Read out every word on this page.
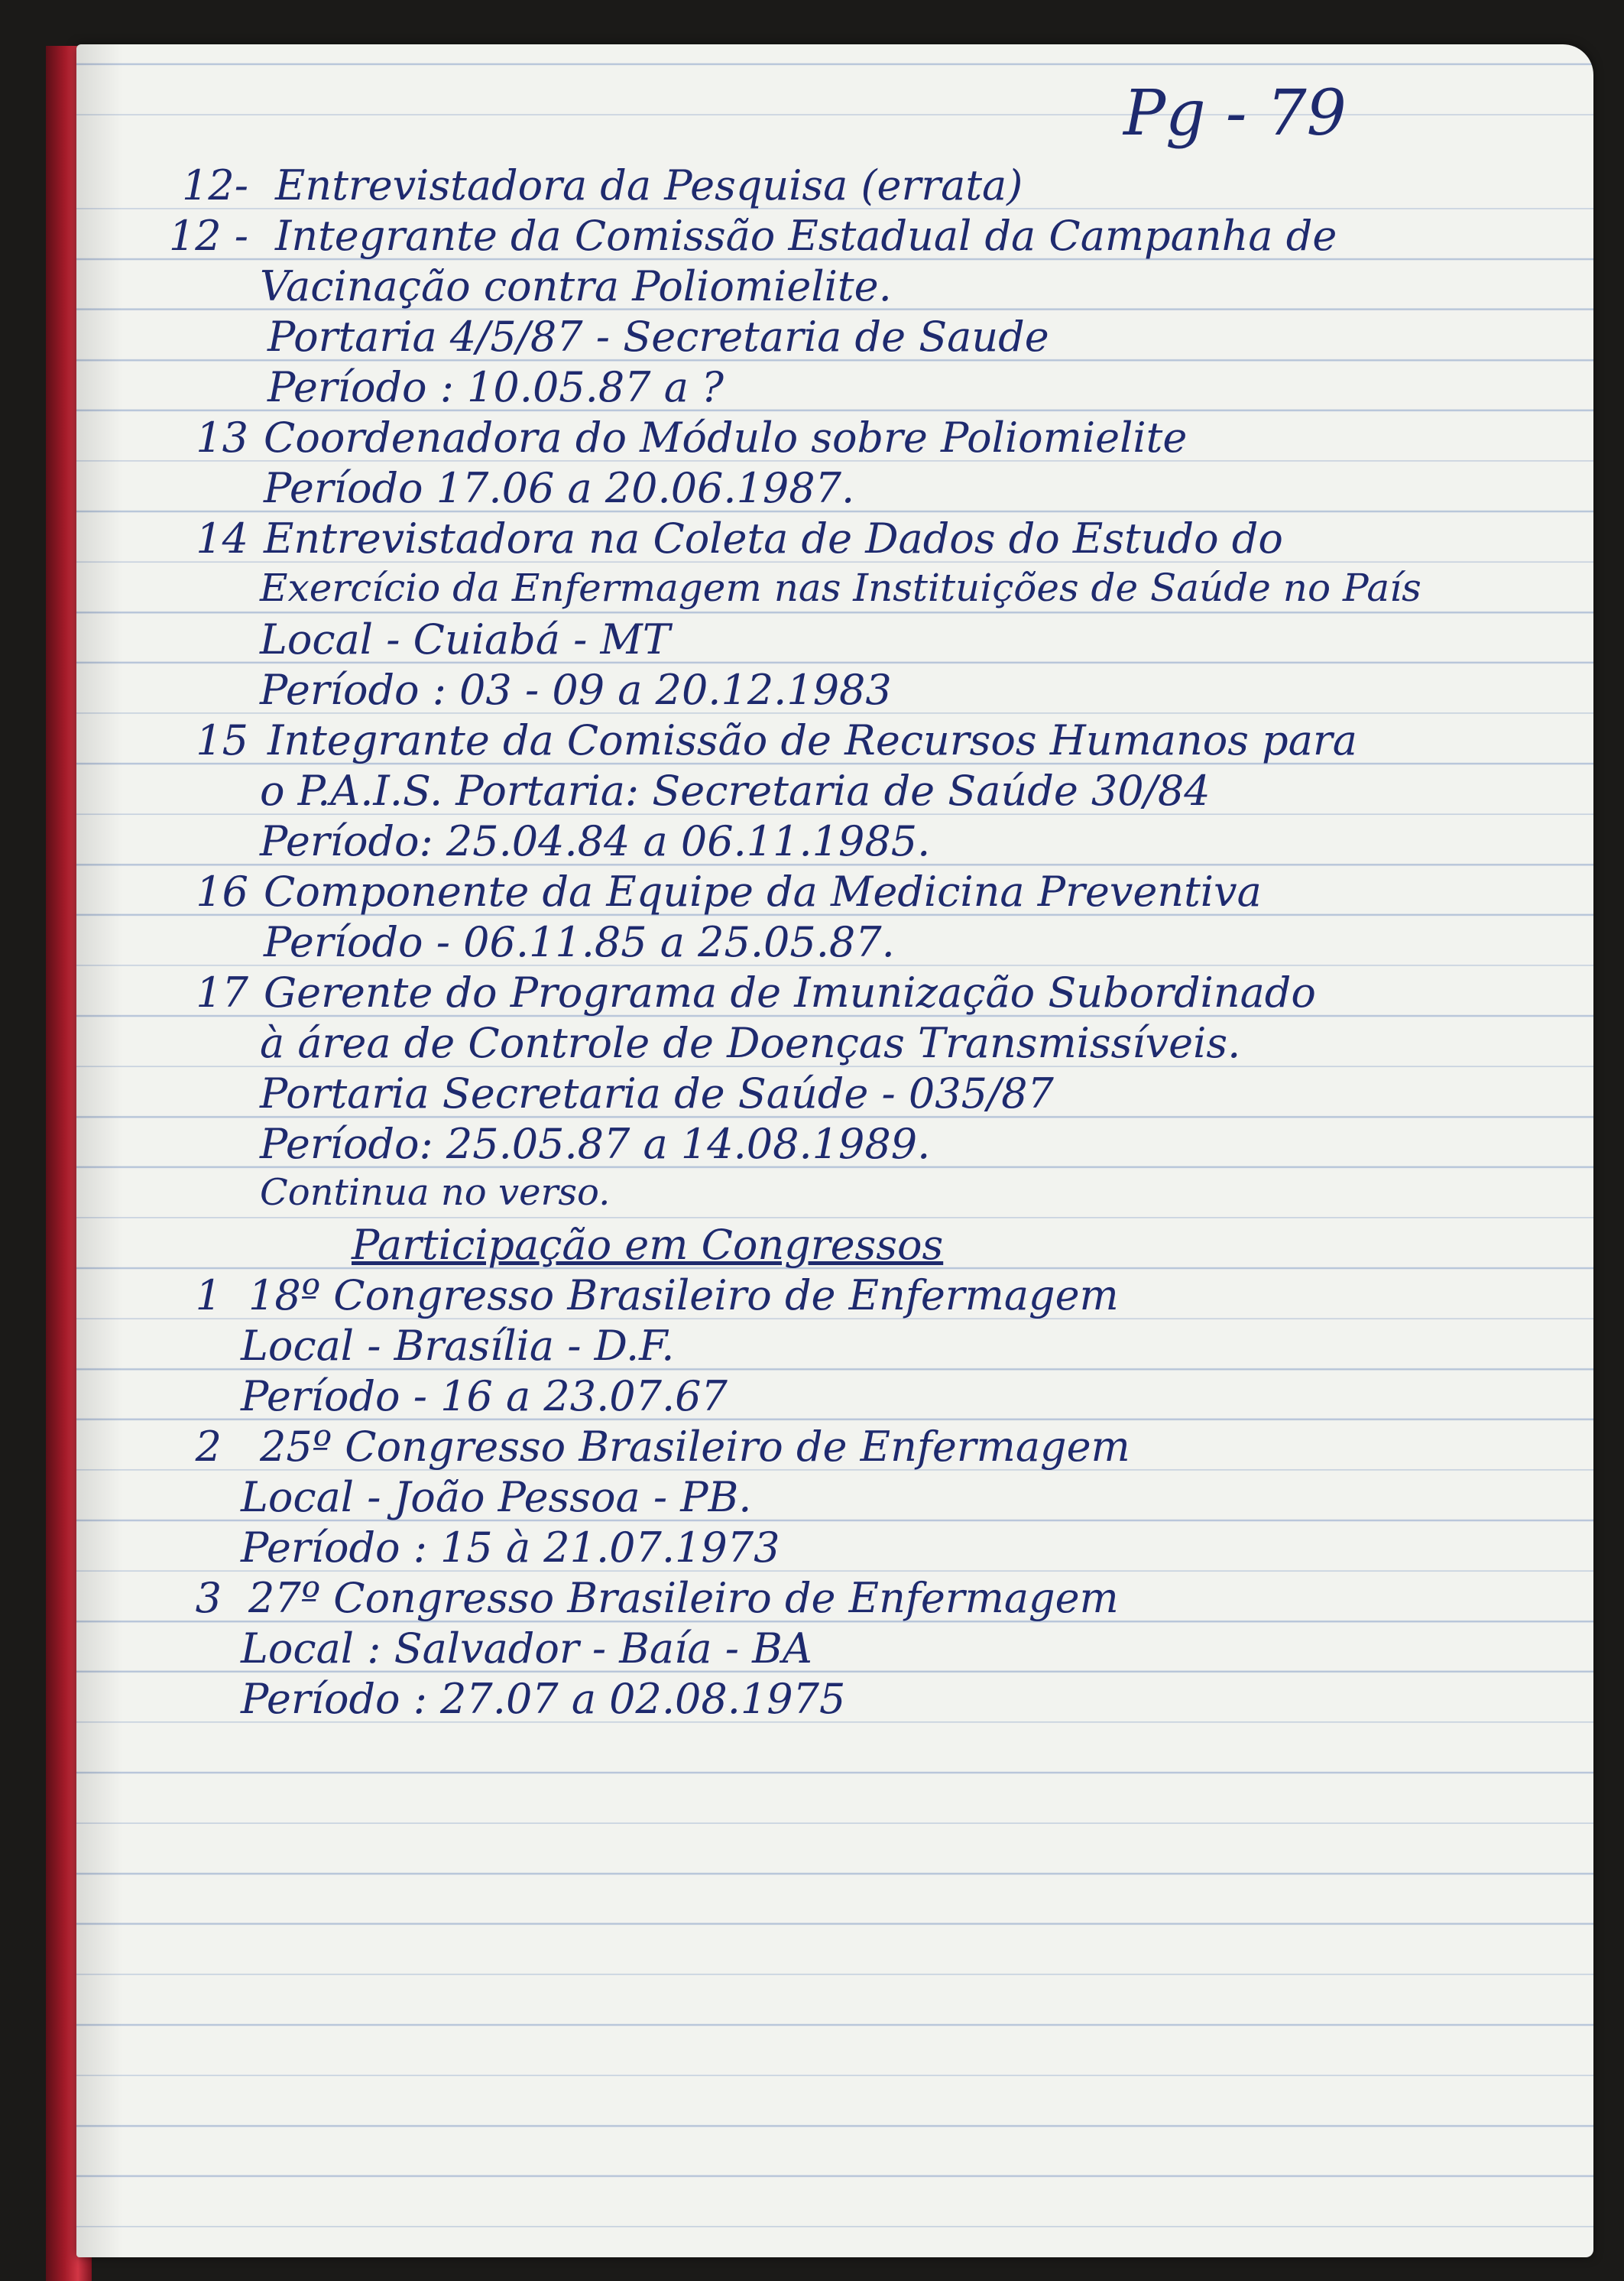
Pg - 79
12- Entrevistadora da Pesquisa (errata)
12 - Integrante da Comissão Estadual da Campanha de
Vacinação contra Poliomielite.
Portaria 4/5/87 - Secretaria de Saude
Período : 10.05.87 a ?
13 Coordenadora do Módulo sobre Poliomielite
Período 17.06 a 20.06.1987.
14 Entrevistadora na Coleta de Dados do Estudo do
Exercício da Enfermagem nas Instituições de Saúde no País
Local - Cuiabá - MT
Período : 03 - 09 a 20.12.1983
15 Integrante da Comissão de Recursos Humanos para
o P.A.I.S. Portaria: Secretaria de Saúde 30/84
Período: 25.04.84 a 06.11.1985.
16 Componente da Equipe da Medicina Preventiva
Período - 06.11.85 a 25.05.87.
17 Gerente do Programa de Imunização Subordinado
à área de Controle de Doenças Transmissíveis.
Portaria Secretaria de Saúde - 035/87
Período: 25.05.87 a 14.08.1989.
Continua no verso.
Participação em Congressos
1 18º Congresso Brasileiro de Enfermagem
Local - Brasília - D.F.
Período - 16 a 23.07.67
2 25º Congresso Brasileiro de Enfermagem
Local - João Pessoa - PB.
Período : 15 à 21.07.1973
3 27º Congresso Brasileiro de Enfermagem
Local : Salvador - Baía - BA
Período : 27.07 a 02.08.1975
